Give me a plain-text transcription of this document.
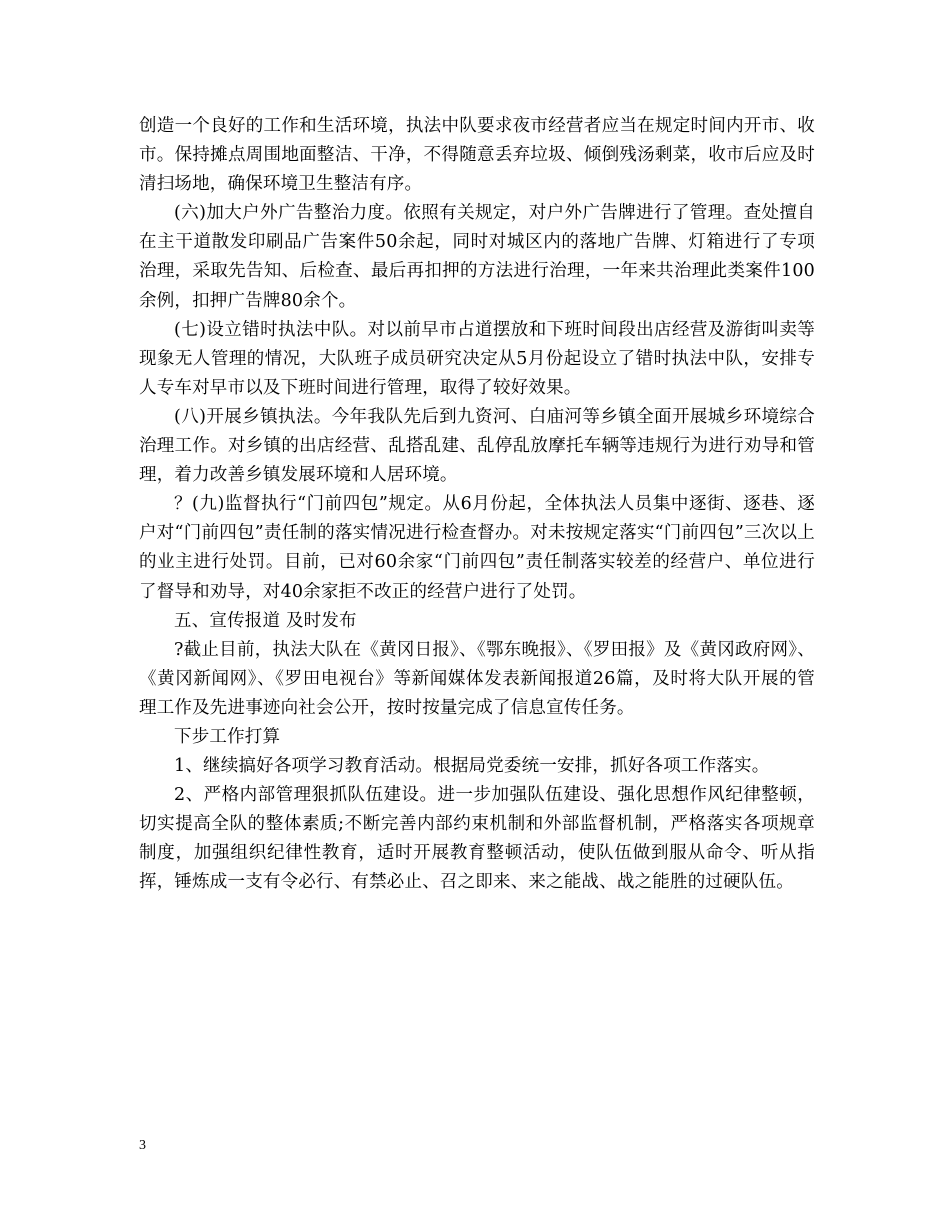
创造一个良好的工作和生活环境，执法中队要求夜市经营者应当在规定时间内开市、收市。保持摊点周围地面整洁、干净，不得随意丢弃垃圾、倾倒残汤剩菜，收市后应及时清扫场地，确保环境卫生整洁有序。

(六)加大户外广告整治力度。依照有关规定，对户外广告牌进行了管理。查处擅自在主干道散发印刷品广告案件50余起，同时对城区内的落地广告牌、灯箱进行了专项治理，采取先告知、后检查、最后再扣押的方法进行治理，一年来共治理此类案件100余例，扣押广告牌80余个。

(七)设立错时执法中队。对以前早市占道摆放和下班时间段出店经营及游街叫卖等现象无人管理的情况，大队班子成员研究决定从5月份起设立了错时执法中队，安排专人专车对早市以及下班时间进行管理，取得了较好效果。

(八)开展乡镇执法。今年我队先后到九资河、白庙河等乡镇全面开展城乡环境综合治理工作。对乡镇的出店经营、乱搭乱建、乱停乱放摩托车辆等违规行为进行劝导和管理，着力改善乡镇发展环境和人居环境。

？(九)监督执行“门前四包”规定。从6月份起，全体执法人员集中逐街、逐巷、逐户对“门前四包”责任制的落实情况进行检查督办。对未按规定落实“门前四包”三次以上的业主进行处罚。目前，已对60余家“门前四包”责任制落实较差的经营户、单位进行了督导和劝导，对40余家拒不改正的经营户进行了处罚。

五、宣传报道 及时发布

?截止目前，执法大队在《黄冈日报》、《鄂东晚报》、《罗田报》及《黄冈政府网》、《黄冈新闻网》、《罗田电视台》等新闻媒体发表新闻报道26篇，及时将大队开展的管理工作及先进事迹向社会公开，按时按量完成了信息宣传任务。

下步工作打算

1、继续搞好各项学习教育活动。根据局党委统一安排，抓好各项工作落实。

2、严格内部管理狠抓队伍建设。进一步加强队伍建设、强化思想作风纪律整顿，切实提高全队的整体素质;不断完善内部约束机制和外部监督机制，严格落实各项规章制度，加强组织纪律性教育，适时开展教育整顿活动，使队伍做到服从命令、听从指挥，锤炼成一支有令必行、有禁必止、召之即来、来之能战、战之能胜的过硬队伍。

3
